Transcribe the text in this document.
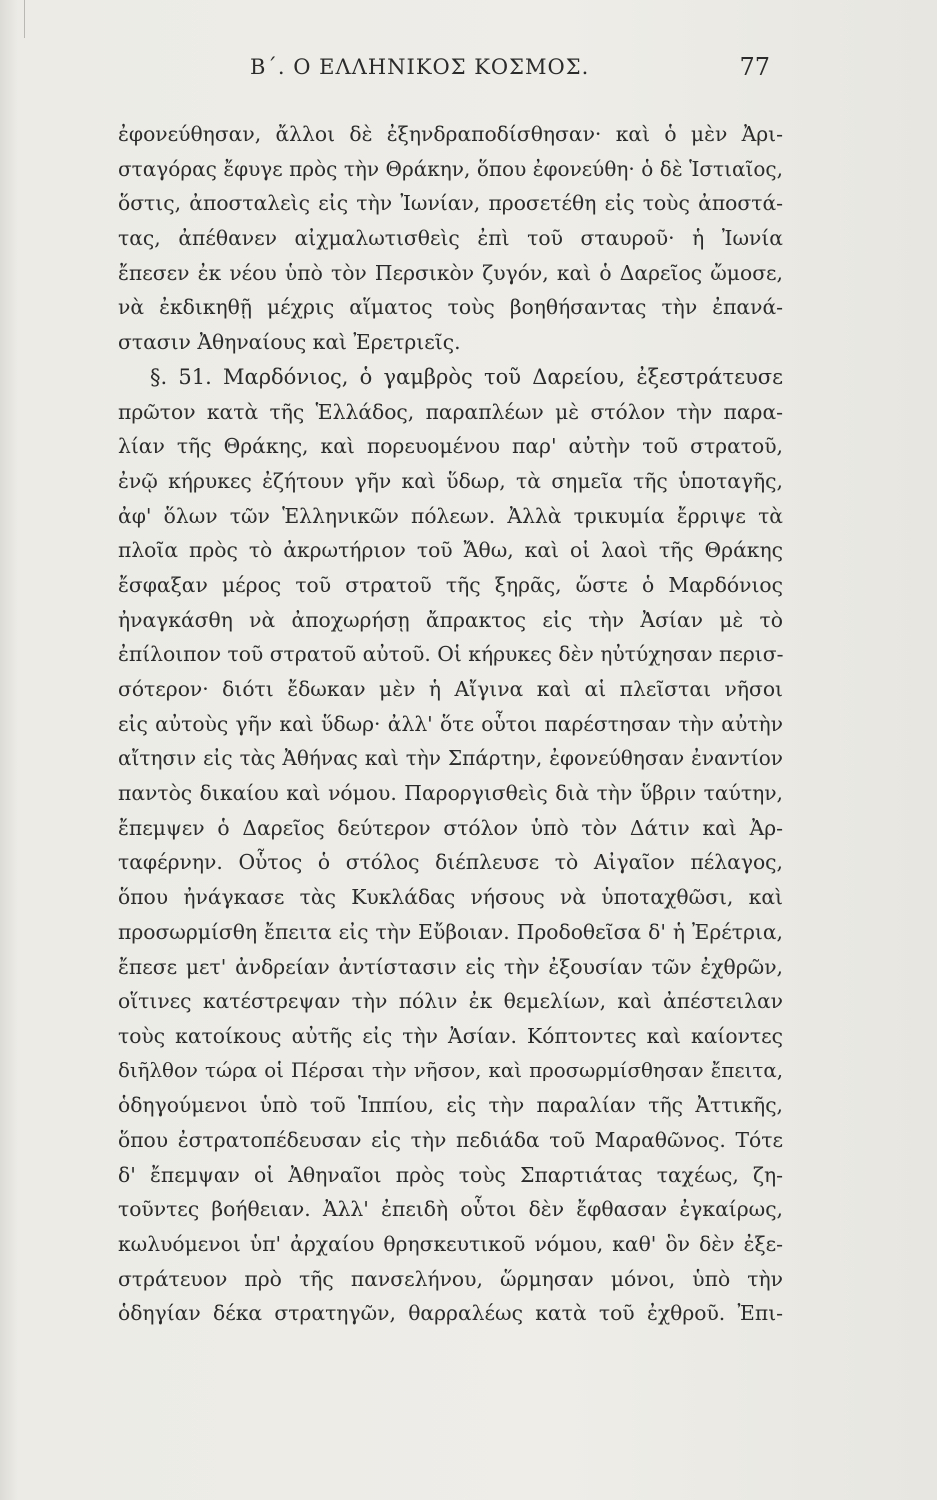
Β΄. Ο ΕΛΛΗΝΙΚΟΣ ΚΟΣΜΟΣ.	77
ἐφονεύθησαν, ἄλλοι δὲ ἐξηνδραποδίσθησαν· καὶ ὁ μὲν Ἀρι-
σταγόρας ἔφυγε πρὸς τὴν Θράκην, ὅπου ἐφονεύθη· ὁ δὲ Ἱστιαῖος,
ὅστις, ἀποσταλεὶς εἰς τὴν Ἰωνίαν, προσετέθη εἰς τοὺς ἀποστά-
τας, ἀπέθανεν αἰχμαλωτισθεὶς ἐπὶ τοῦ σταυροῦ· ἡ Ἰωνία
ἔπεσεν ἐκ νέου ὑπὸ τὸν Περσικὸν ζυγόν, καὶ ὁ Δαρεῖος ὤμοσε,
νὰ ἐκδικηθῇ μέχρις αἵματος τοὺς βοηθήσαντας τὴν ἐπανά-
στασιν Ἀθηναίους καὶ Ἐρετριεῖς.
§. 51. Μαρδόνιος, ὁ γαμβρὸς τοῦ Δαρείου, ἐξεστράτευσε
πρῶτον κατὰ τῆς Ἑλλάδος, παραπλέων μὲ στόλον τὴν παρα-
λίαν τῆς Θράκης, καὶ πορευομένου παρ' αὐτὴν τοῦ στρατοῦ,
ἐνῷ κήρυκες ἐζήτουν γῆν καὶ ὕδωρ, τὰ σημεῖα τῆς ὑποταγῆς,
ἀφ' ὅλων τῶν Ἑλληνικῶν πόλεων. Ἀλλὰ τρικυμία ἔρριψε τὰ
πλοῖα πρὸς τὸ ἀκρωτήριον τοῦ Ἄθω, καὶ οἱ λαοὶ τῆς Θράκης
ἔσφαξαν μέρος τοῦ στρατοῦ τῆς ξηρᾶς, ὥστε ὁ Μαρδόνιος
ἠναγκάσθη νὰ ἀποχωρήσῃ ἄπρακτος εἰς τὴν Ἀσίαν μὲ τὸ
ἐπίλοιπον τοῦ στρατοῦ αὐτοῦ. Οἱ κήρυκες δὲν ηὐτύχησαν περισ-
σότερον· διότι ἔδωκαν μὲν ἡ Αἴγινα καὶ αἱ πλεῖσται νῆσοι
εἰς αὐτοὺς γῆν καὶ ὕδωρ· ἀλλ' ὅτε οὗτοι παρέστησαν τὴν αὐτὴν
αἴτησιν εἰς τὰς Ἀθήνας καὶ τὴν Σπάρτην, ἐφονεύθησαν ἐναντίον
παντὸς δικαίου καὶ νόμου. Παροργισθεὶς διὰ τὴν ὕβριν ταύτην,
ἔπεμψεν ὁ Δαρεῖος δεύτερον στόλον ὑπὸ τὸν Δάτιν καὶ Ἀρ-
ταφέρνην. Οὗτος ὁ στόλος διέπλευσε τὸ Αἰγαῖον πέλαγος,
ὅπου ἠνάγκασε τὰς Κυκλάδας νήσους νὰ ὑποταχθῶσι, καὶ
προσωρμίσθη ἔπειτα εἰς τὴν Εὔβοιαν. Προδοθεῖσα δ' ἡ Ἐρέτρια,
ἔπεσε μετ' ἀνδρείαν ἀντίστασιν εἰς τὴν ἐξουσίαν τῶν ἐχθρῶν,
οἵτινες κατέστρεψαν τὴν πόλιν ἐκ θεμελίων, καὶ ἀπέστειλαν
τοὺς κατοίκους αὐτῆς εἰς τὴν Ἀσίαν. Κόπτοντες καὶ καίοντες
διῆλθον τώρα οἱ Πέρσαι τὴν νῆσον, καὶ προσωρμίσθησαν ἔπειτα,
ὁδηγούμενοι ὑπὸ τοῦ Ἱππίου, εἰς τὴν παραλίαν τῆς Ἀττικῆς,
ὅπου ἐστρατοπέδευσαν εἰς τὴν πεδιάδα τοῦ Μαραθῶνος. Τότε
δ' ἔπεμψαν οἱ Ἀθηναῖοι πρὸς τοὺς Σπαρτιάτας ταχέως, ζη-
τοῦντες βοήθειαν. Ἀλλ' ἐπειδὴ οὗτοι δὲν ἔφθασαν ἐγκαίρως,
κωλυόμενοι ὑπ' ἀρχαίου θρησκευτικοῦ νόμου, καθ' ὃν δὲν ἐξε-
στράτευον πρὸ τῆς πανσελήνου, ὥρμησαν μόνοι, ὑπὸ τὴν
ὁδηγίαν δέκα στρατηγῶν, θαρραλέως κατὰ τοῦ ἐχθροῦ. Ἐπι-
